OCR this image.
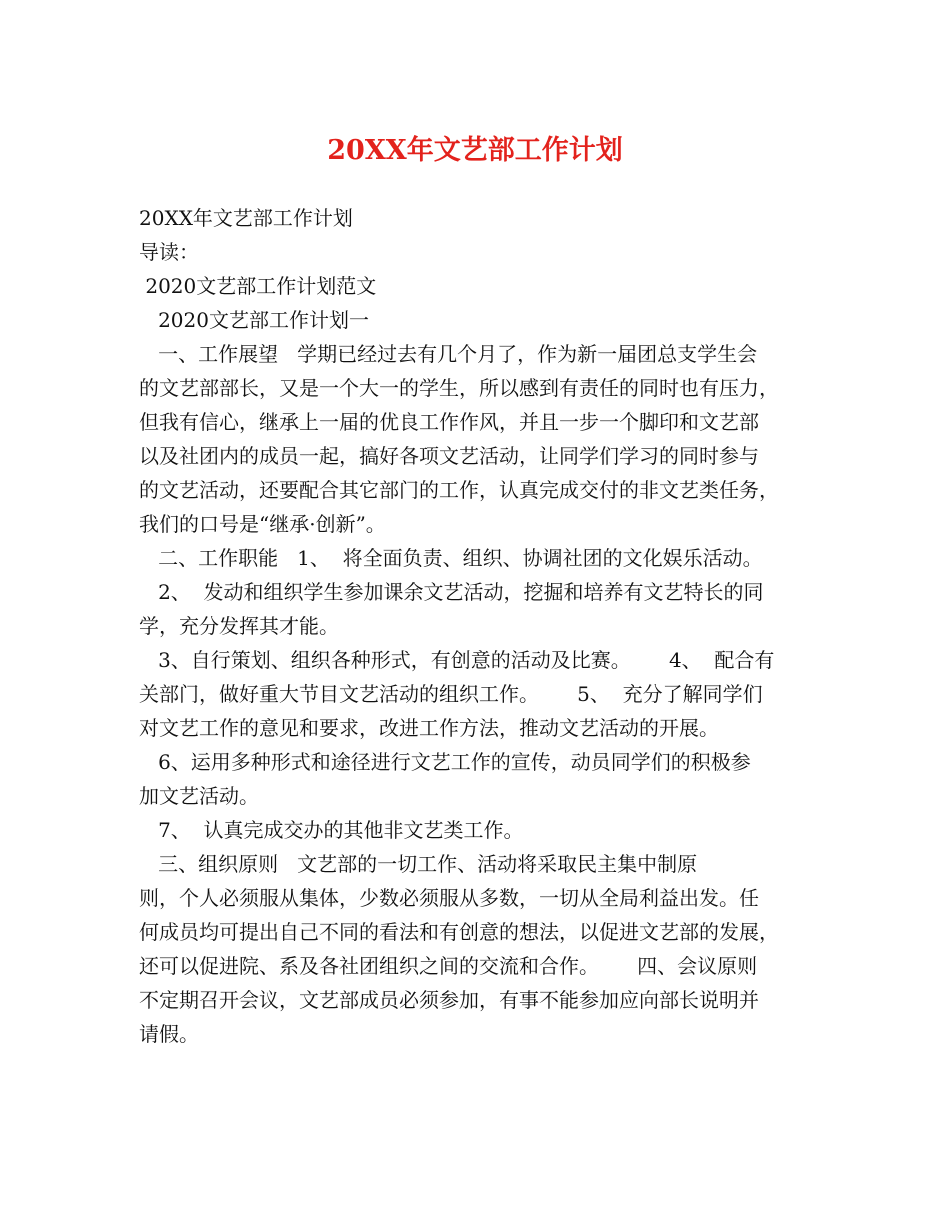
20XX年文艺部工作计划
20XX年文艺部工作计划
导读：
2020文艺部工作计划范文
2020文艺部工作计划一
一、工作展望   学期已经过去有几个月了，作为新一届团总支学生会
的文艺部部长，又是一个大一的学生，所以感到有责任的同时也有压力，
但我有信心，继承上一届的优良工作作风，并且一步一个脚印和文艺部
以及社团内的成员一起，搞好各项文艺活动，让同学们学习的同时参与
的文艺活动，还要配合其它部门的工作，认真完成交付的非文艺类任务，
我们的口号是“继承·创新”。
二、工作职能   1、  将全面负责、组织、协调社团的文化娱乐活动。
2、  发动和组织学生参加课余文艺活动，挖掘和培养有文艺特长的同
学，充分发挥其才能。
3、自行策划、组织各种形式，有创意的活动及比赛。      4、  配合有
关部门，做好重大节目文艺活动的组织工作。      5、  充分了解同学们
对文艺工作的意见和要求，改进工作方法，推动文艺活动的开展。
6、运用多种形式和途径进行文艺工作的宣传，动员同学们的积极参
加文艺活动。
7、  认真完成交办的其他非文艺类工作。
三、组织原则   文艺部的一切工作、活动将采取民主集中制原
则，个人必须服从集体，少数必须服从多数，一切从全局利益出发。任
何成员均可提出自己不同的看法和有创意的想法，以促进文艺部的发展，
还可以促进院、系及各社团组织之间的交流和合作。      四、会议原则
不定期召开会议，文艺部成员必须参加，有事不能参加应向部长说明并
请假。
